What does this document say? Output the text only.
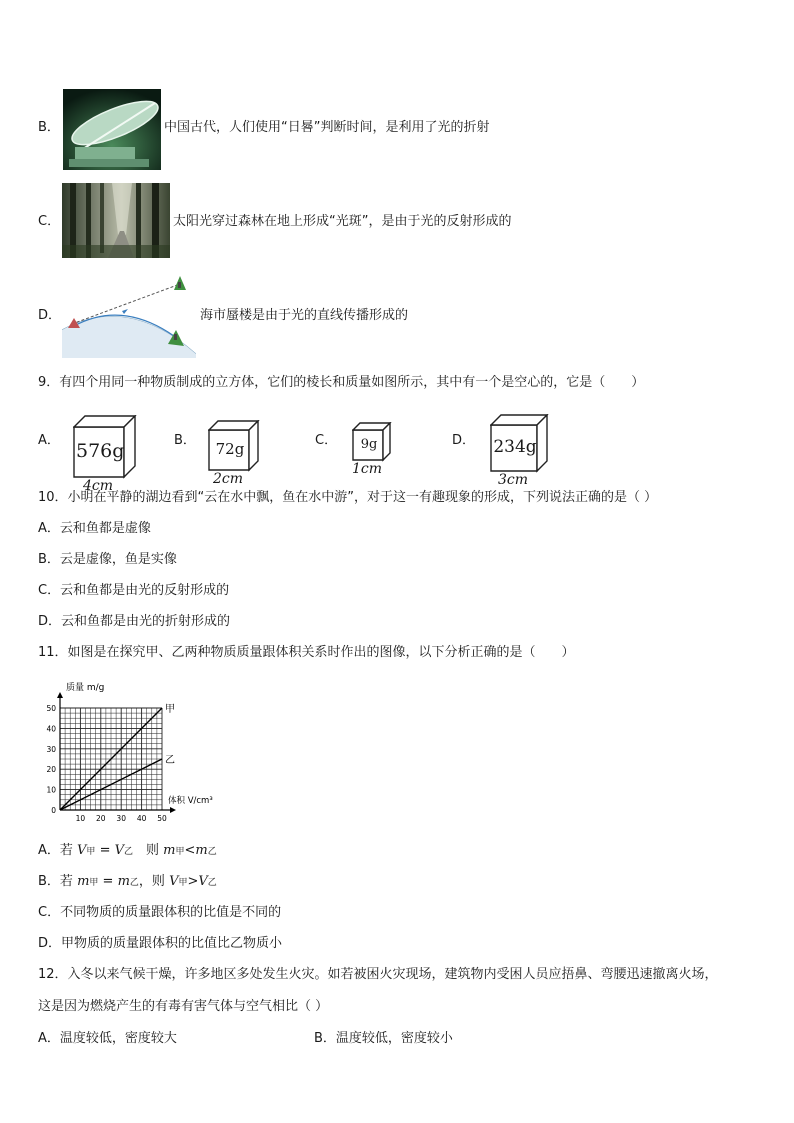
B．	中国古代，人们使用“日晷”判断时间，是利用了光的折射
C．	太阳光穿过森林在地上形成“光斑”，是由于光的反射形成的
D．	海市蜃楼是由于光的直线传播形成的
9．有四个用同一种物质制成的立方体，它们的棱长和质量如图所示，其中有一个是空心的，它是（　　）
A． 576g
4cm
B．	72g
2cm
C．	9g
1cm
D． 234g
3cm
10．小明在平静的湖边看到“云在水中飘，鱼在水中游”，对于这一有趣现象的形成，下列说法正确的是（ ）
A．云和鱼都是虚像
B．云是虚像，鱼是实像
C．云和鱼都是由光的反射形成的
D．云和鱼都是由光的折射形成的
11．如图是在探究甲、乙两种物质质量跟体积关系时作出的图像，以下分析正确的是（　　）
质量 m/g
体积 V/cm³
0
10
20
30
40
50
10 20 30 40 50
甲
乙
A．若 V甲 = V乙　则 m甲<m乙
B．若 m甲 = m乙，则 V甲>V乙
C．不同物质的质量跟体积的比值是不同的
D．甲物质的质量跟体积的比值比乙物质小
12．入冬以来气候干燥，许多地区多处发生火灾。如若被困火灾现场，建筑物内受困人员应捂鼻、弯腰迅速撤离火场，
这是因为燃烧产生的有毒有害气体与空气相比（ ）
A．温度较低，密度较大	B．温度较低，密度较小
